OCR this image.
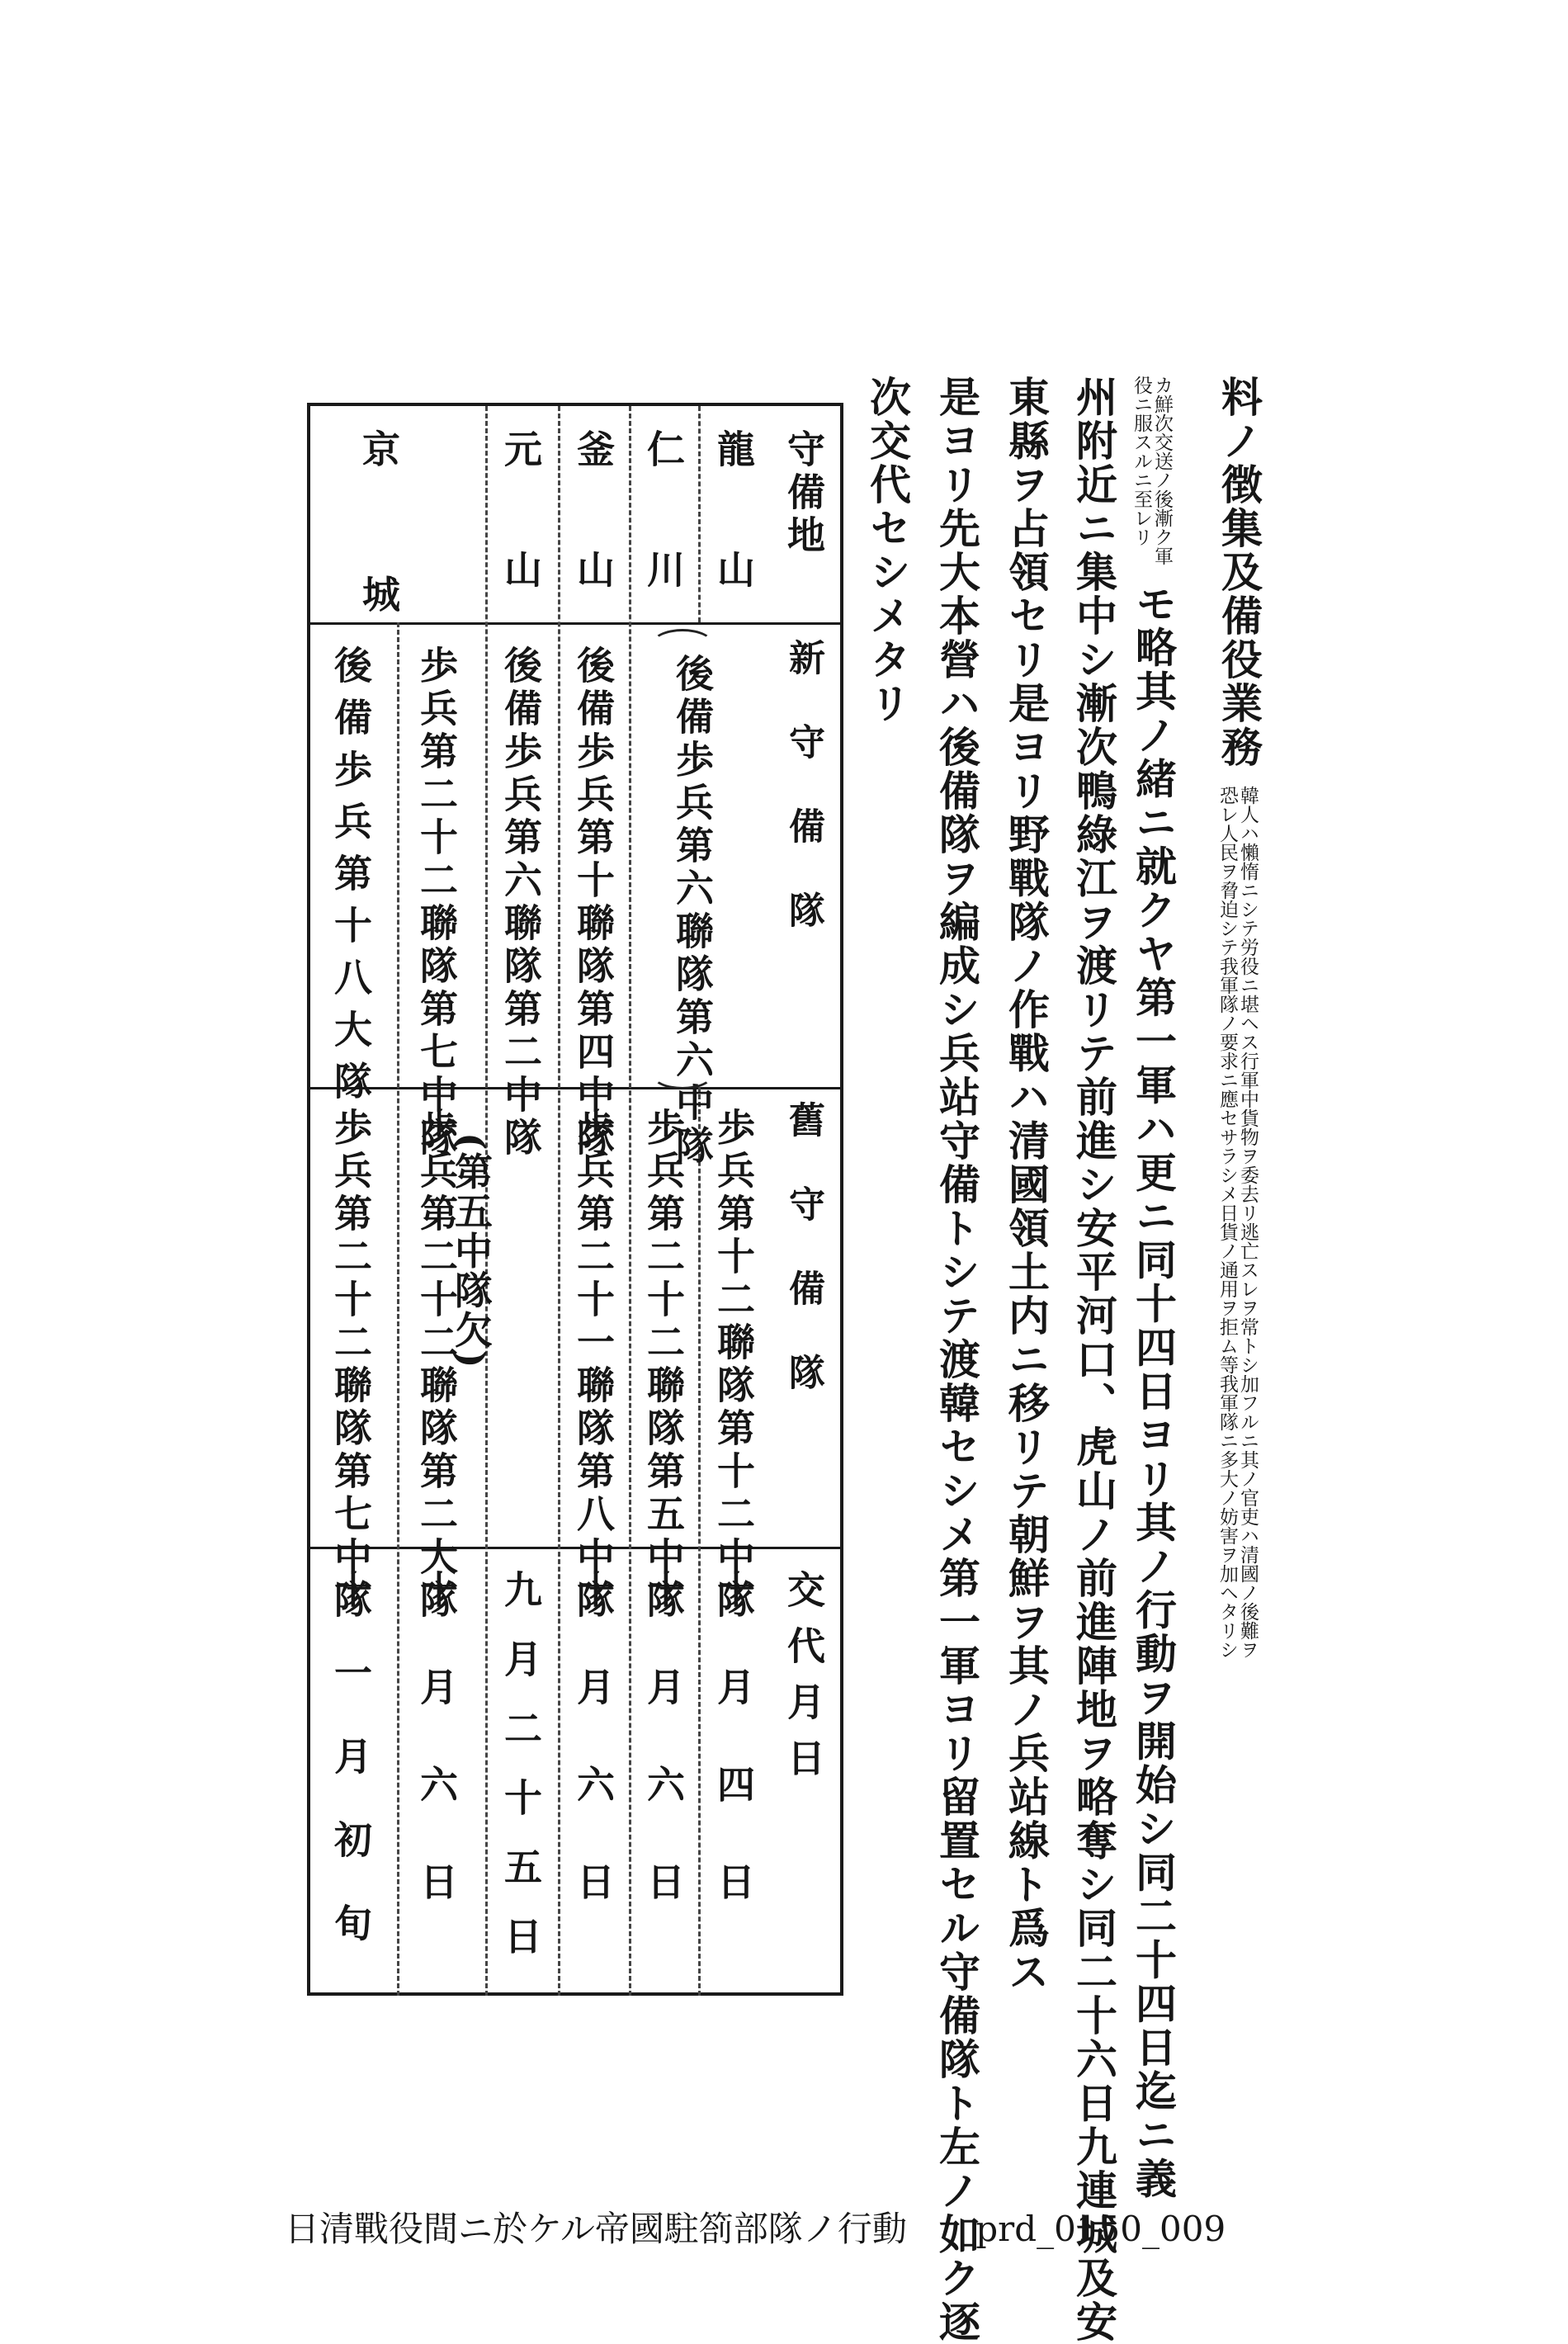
料ノ徴集及備役業務
韓人ハ懶惰ニシテ労役ニ堪ヘス行軍中貨物ヲ委去リ逃亡スレヲ常トシ加フルニ其ノ官吏ハ清國ノ後難ヲ
恐レ人民ヲ脅迫シテ我軍隊ノ要求ニ應セサラシメ日貨ノ通用ヲ拒ム等我軍隊ニ多大ノ妨害ヲ加ヘタリシ
カ鮮次交送ノ後漸ク軍
役ニ服スルニ至レリ
モ略其ノ緒ニ就クヤ第一軍ハ更ニ同十四日ヨリ其ノ行動ヲ開始シ同二十四日迄ニ義
州附近ニ集中シ漸次鴨綠江ヲ渡リテ前進シ安平河口、虎山ノ前進陣地ヲ略奪シ同二十六日九連城及安
東縣ヲ占領セリ是ヨリ野戰隊ノ作戰ハ清國領土内ニ移リテ朝鮮ヲ其ノ兵站線ト爲ス
是ヨリ先大本營ハ後備隊ヲ編成シ兵站守備トシテ渡韓セシメ第一軍ヨリ留置セル守備隊ト左ノ如ク逐
次交代セシメタリ
守備地
新守備隊
舊守備隊
交代月日
龍山
仁川
釜山
元山
京城
後備歩兵第六聯隊第六中隊
後備歩兵第十聯隊第四中隊
後備歩兵第六聯隊第二中隊
歩兵第二十二聯隊第七中隊
後備歩兵第十八大隊
歩兵第十二聯隊第十二中隊
歩兵第二十二聯隊第五中隊
歩兵第二十一聯隊第八中隊
歩兵第二十二聯隊第二大隊
(第五中隊欠)
歩兵第二十二聯隊第七中隊
十月四日
十月六日
十月六日
九月二十五日
十月六日
十一月初旬
日清戰役間ニ於ケル帝國駐箚部隊ノ行動 prd_0150_009
